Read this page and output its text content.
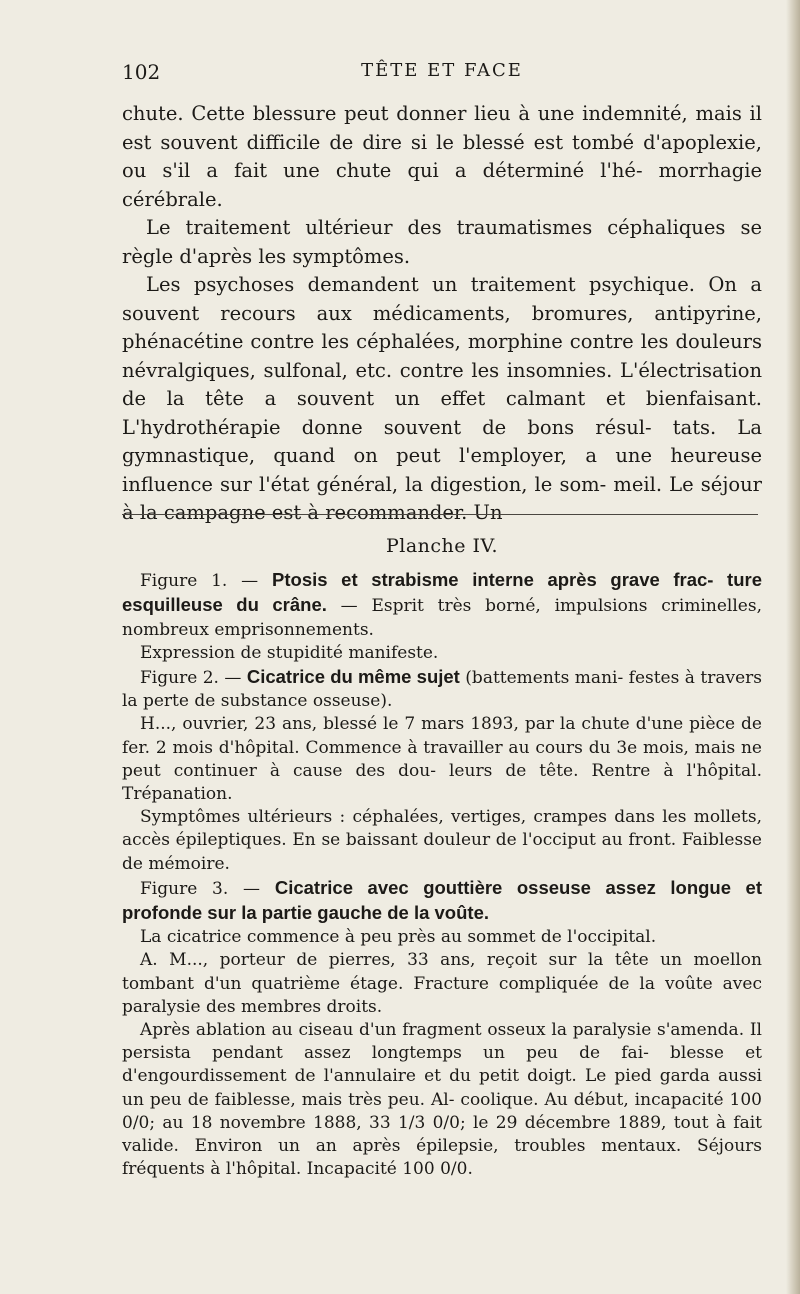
102	TÊTE ET FACE

chute. Cette blessure peut donner lieu à une indemnité, mais il est souvent difficile de dire si le blessé est tombé d'apoplexie, ou s'il a fait une chute qui a déterminé l'hé- morrhagie cérébrale.

Le traitement ultérieur des traumatismes céphaliques se règle d'après les symptômes.

Les psychoses demandent un traitement psychique. On a souvent recours aux médicaments, bromures, antipyrine, phénacétine contre les céphalées, morphine contre les douleurs névralgiques, sulfonal, etc. contre les insomnies. L'électrisation de la tête a souvent un effet calmant et bienfaisant. L'hydrothérapie donne souvent de bons résul- tats. La gymnastique, quand on peut l'employer, a une heureuse influence sur l'état général, la digestion, le som- meil. Le séjour à la campagne est à recommander. Un

Planche IV.

Figure 1. — Ptosis et strabisme interne après grave frac- ture esquilleuse du crâne. — Esprit très borné, impulsions criminelles, nombreux emprisonnements.

Expression de stupidité manifeste.

Figure 2. — Cicatrice du même sujet (battements mani- festes à travers la perte de substance osseuse).

H..., ouvrier, 23 ans, blessé le 7 mars 1893, par la chute d'une pièce de fer. 2 mois d'hôpital. Commence à travailler au cours du 3e mois, mais ne peut continuer à cause des dou- leurs de tête. Rentre à l'hôpital. Trépanation.

Symptômes ultérieurs : céphalées, vertiges, crampes dans les mollets, accès épileptiques. En se baissant douleur de l'occiput au front. Faiblesse de mémoire.

Figure 3. — Cicatrice avec gouttière osseuse assez longue et profonde sur la partie gauche de la voûte.

La cicatrice commence à peu près au sommet de l'occipital.

A. M..., porteur de pierres, 33 ans, reçoit sur la tête un moellon tombant d'un quatrième étage. Fracture compliquée de la voûte avec paralysie des membres droits.

Après ablation au ciseau d'un fragment osseux la paralysie s'amenda. Il persista pendant assez longtemps un peu de fai- blesse et d'engourdissement de l'annulaire et du petit doigt. Le pied garda aussi un peu de faiblesse, mais très peu. Al- coolique. Au début, incapacité 100 0/0; au 18 novembre 1888, 33 1/3 0/0; le 29 décembre 1889, tout à fait valide. Environ un an après épilepsie, troubles mentaux. Séjours fréquents à l'hôpital. Incapacité 100 0/0.
